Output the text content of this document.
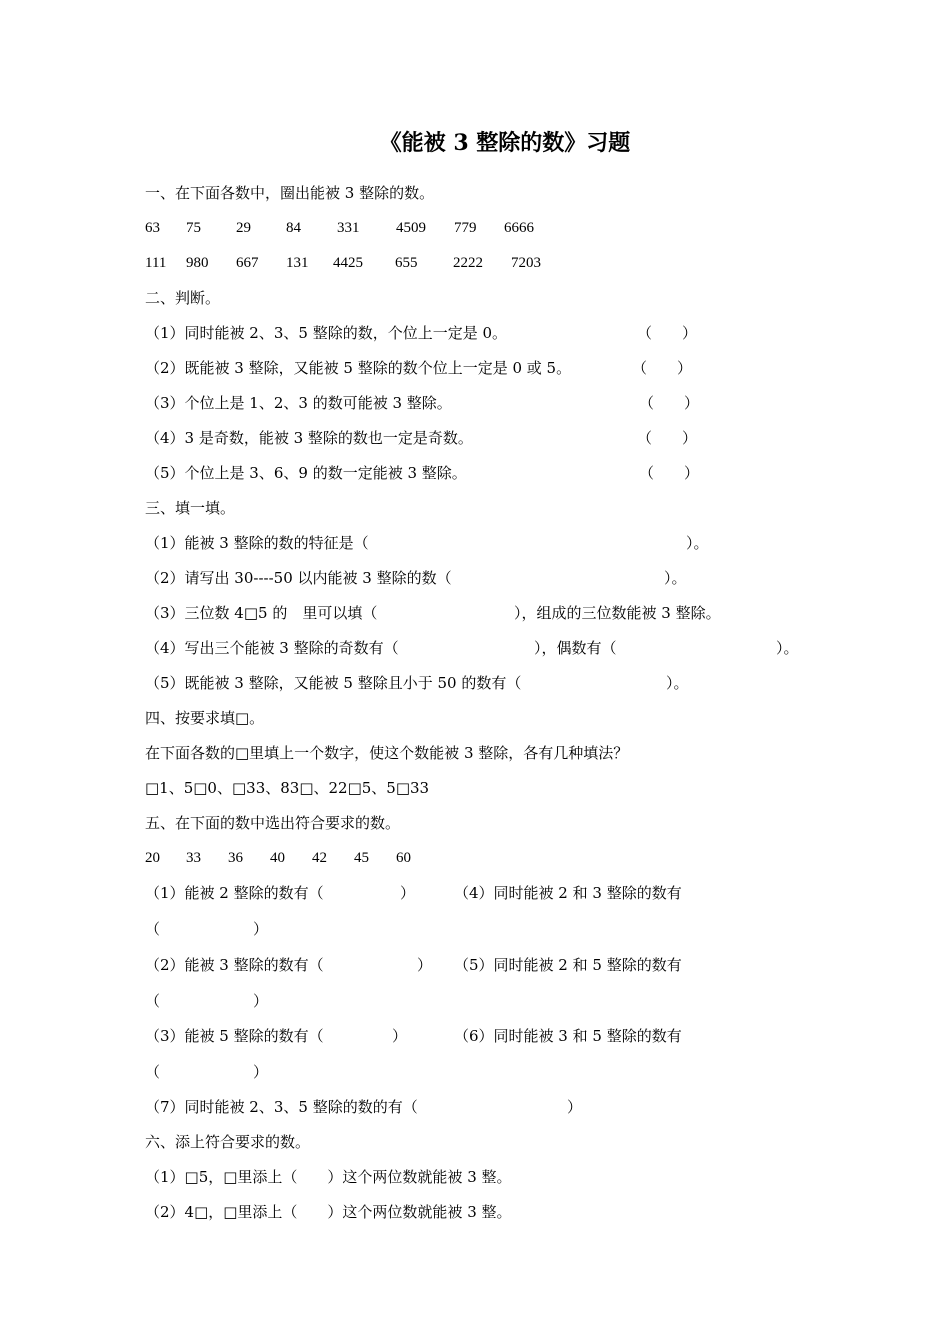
《能被 3 整除的数》习题
一、在下面各数中，圈出能被 3 整除的数。
63 75 29 84 331 4509 779 6666
111 980 667 131 4425 655 2222 7203
二、判断。
（1）同时能被 2、3、5 整除的数，个位上一定是 0。	（　　）
（2）既能被 3 整除，又能被 5 整除的数个位上一定是 0 或 5。	（　　）
（3）个位上是 1、2、3 的数可能被 3 整除。	（　　）
（4）3 是奇数，能被 3 整除的数也一定是奇数。	（　　）
（5）个位上是 3、6、9 的数一定能被 3 整除。	（　　）
三、填一填。
（1）能被 3 整除的数的特征是（	）。
（2）请写出 30----50 以内能被 3 整除的数（	）。
（3）三位数 4□5 的　里可以填（	），组成的三位数能被 3 整除。
（4）写出三个能被 3 整除的奇数有（	），偶数有（	）。
（5）既能被 3 整除，又能被 5 整除且小于 50 的数有（	）。
四、按要求填□。
在下面各数的□里填上一个数字，使这个数能被 3 整除，各有几种填法？
□1、5□0、□33、83□、22□5、5□33
五、在下面的数中选出符合要求的数。
20 33 36 40 42 45 60
（1）能被 2 整除的数有（	）	（4）同时能被 2 和 3 整除的数有
（	）
（2）能被 3 整除的数有（	） （5）同时能被 2 和 5 整除的数有
（	）
（3）能被 5 整除的数有（	）	（6）同时能被 3 和 5 整除的数有
（	）
（7）同时能被 2、3、5 整除的数的有（	）
六、添上符合要求的数。
（1）□5，□里添上（　　）这个两位数就能被 3 整。
（2）4□，□里添上（　　）这个两位数就能被 3 整。
